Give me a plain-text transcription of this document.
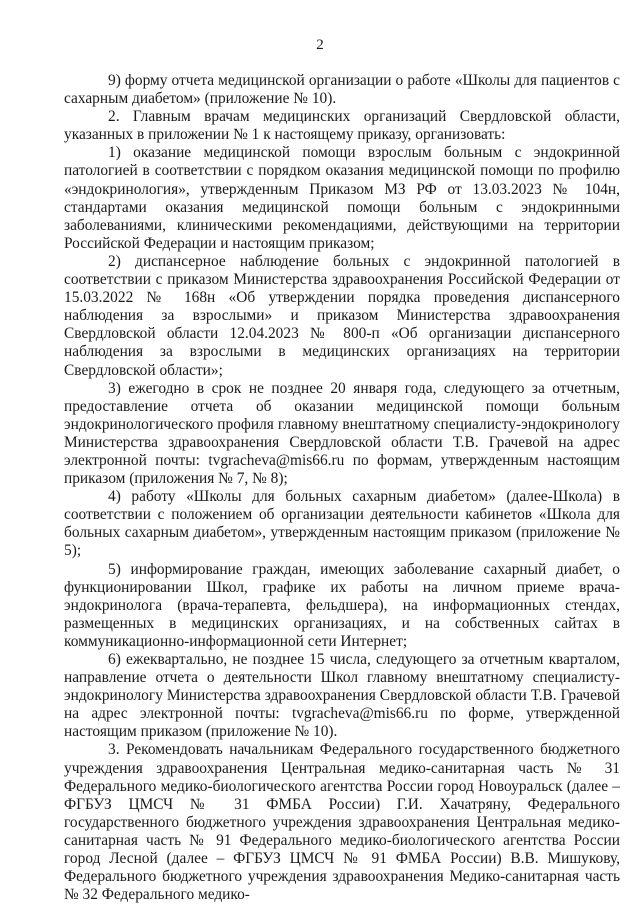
2

9) форму отчета медицинской организации о работе «Школы для пациентов с сахарным диабетом» (приложение № 10).

2. Главным врачам медицинских организаций Свердловской области, указанных в приложении № 1 к настоящему приказу, организовать:

1) оказание медицинской помощи взрослым больным с эндокринной патологией в соответствии с порядком оказания медицинской помощи по профилю «эндокринология», утвержденным Приказом МЗ РФ от 13.03.2023 № 104н, стандартами оказания медицинской помощи больным с эндокринными заболеваниями, клиническими рекомендациями, действующими на территории Российской Федерации и настоящим приказом;

2) диспансерное наблюдение больных с эндокринной патологией в соответствии с приказом Министерства здравоохранения Российской Федерации от 15.03.2022 № 168н «Об утверждении порядка проведения диспансерного наблюдения за взрослыми» и приказом Министерства здравоохранения Свердловской области 12.04.2023 № 800-п «Об организации диспансерного наблюдения за взрослыми в медицинских организациях на территории Свердловской области»;

3) ежегодно в срок не позднее 20 января года, следующего за отчетным, предоставление отчета об оказании медицинской помощи больным эндокринологического профиля главному внештатному специалисту-эндокринологу Министерства здравоохранения Свердловской области Т.В. Грачевой на адрес электронной почты: tvgracheva@mis66.ru по формам, утвержденным настоящим приказом (приложения № 7, № 8);

4) работу «Школы для больных сахарным диабетом» (далее-Школа) в соответствии с положением об организации деятельности кабинетов «Школа для больных сахарным диабетом», утвержденным настоящим приказом (приложение № 5);

5) информирование граждан, имеющих заболевание сахарный диабет, о функционировании Школ, графике их работы на личном приеме врача-эндокринолога (врача-терапевта, фельдшера), на информационных стендах, размещенных в медицинских организациях, и на собственных сайтах в коммуникационно-информационной сети Интернет;

6) ежеквартально, не позднее 15 числа, следующего за отчетным кварталом, направление отчета о деятельности Школ главному внештатному специалисту-эндокринологу Министерства здравоохранения Свердловской области Т.В. Грачевой на адрес электронной почты: tvgracheva@mis66.ru по форме, утвержденной настоящим приказом (приложение № 10).

3. Рекомендовать начальникам Федерального государственного бюджетного учреждения здравоохранения Центральная медико-санитарная часть № 31 Федерального медико-биологического агентства России город Новоуральск (далее – ФГБУЗ ЦМСЧ № 31 ФМБА России) Г.И. Хачатряну, Федерального государственного бюджетного учреждения здравоохранения Центральная медико-санитарная часть № 91 Федерального медико-биологического агентства России город Лесной (далее – ФГБУЗ ЦМСЧ № 91 ФМБА России) В.В. Мишукову, Федерального бюджетного учреждения здравоохранения Медико-санитарная часть № 32 Федерального медико-
